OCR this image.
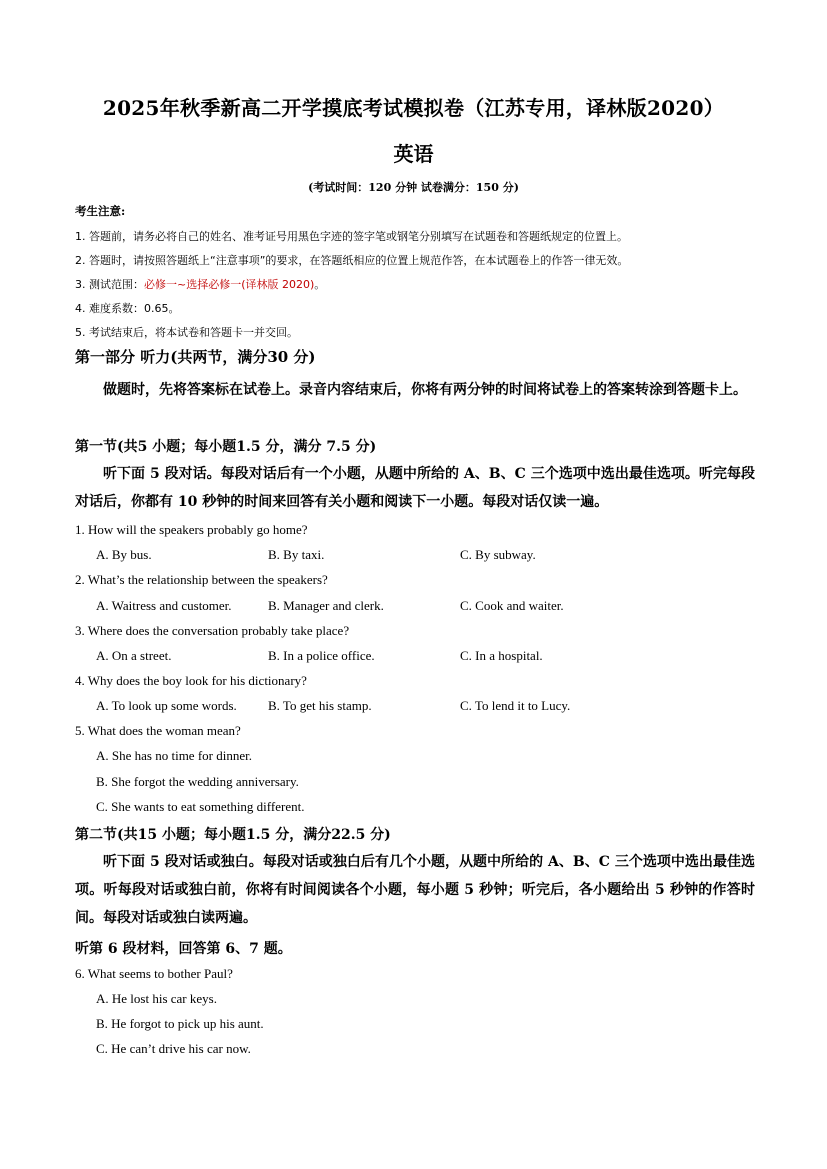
2025年秋季新高二开学摸底考试模拟卷（江苏专用，译林版2020）
英语
(考试时间：120 分钟 试卷满分：150 分)
考生注意:
1. 答题前，请务必将自己的姓名、准考证号用黑色字迹的签字笔或钢笔分别填写在试题卷和答题纸规定的位置上。
2. 答题时，请按照答题纸上“注意事项”的要求，在答题纸相应的位置上规范作答，在本试题卷上的作答一律无效。
3. 测试范围：必修一~选择必修一(译林版 2020)。
4. 难度系数：0.65。
5. 考试结束后，将本试卷和答题卡一并交回。
第一部分 听力(共两节，满分30 分)
做题时，先将答案标在试卷上。录音内容结束后，你将有两分钟的时间将试卷上的答案转涂到答题卡上。
第一节(共5 小题；每小题1.5 分，满分 7.5 分)
听下面 5 段对话。每段对话后有一个小题，从题中所给的 A、B、C 三个选项中选出最佳选项。听完每段对话后，你都有 10 秒钟的时间来回答有关小题和阅读下一小题。每段对话仅读一遍。
1. How will the speakers probably go home?
A. By bus.	B. By taxi.	C. By subway.
2. What’s the relationship between the speakers?
A. Waitress and customer.	B. Manager and clerk.	C. Cook and waiter.
3. Where does the conversation probably take place?
A. On a street.	B. In a police office.	C. In a hospital.
4. Why does the boy look for his dictionary?
A. To look up some words. B. To get his stamp.	C. To lend it to Lucy.
5. What does the woman mean?
A. She has no time for dinner.
B. She forgot the wedding anniversary.
C. She wants to eat something different.
第二节(共15 小题；每小题1.5 分，满分22.5 分)
听下面 5 段对话或独白。每段对话或独白后有几个小题，从题中所给的 A、B、C 三个选项中选出最佳选项。听每段对话或独白前，你将有时间阅读各个小题，每小题 5 秒钟；听完后，各小题给出 5 秒钟的作答时间。每段对话或独白读两遍。
听第 6 段材料，回答第 6、7 题。
6. What seems to bother Paul?
A. He lost his car keys.
B. He forgot to pick up his aunt.
C. He can’t drive his car now.
